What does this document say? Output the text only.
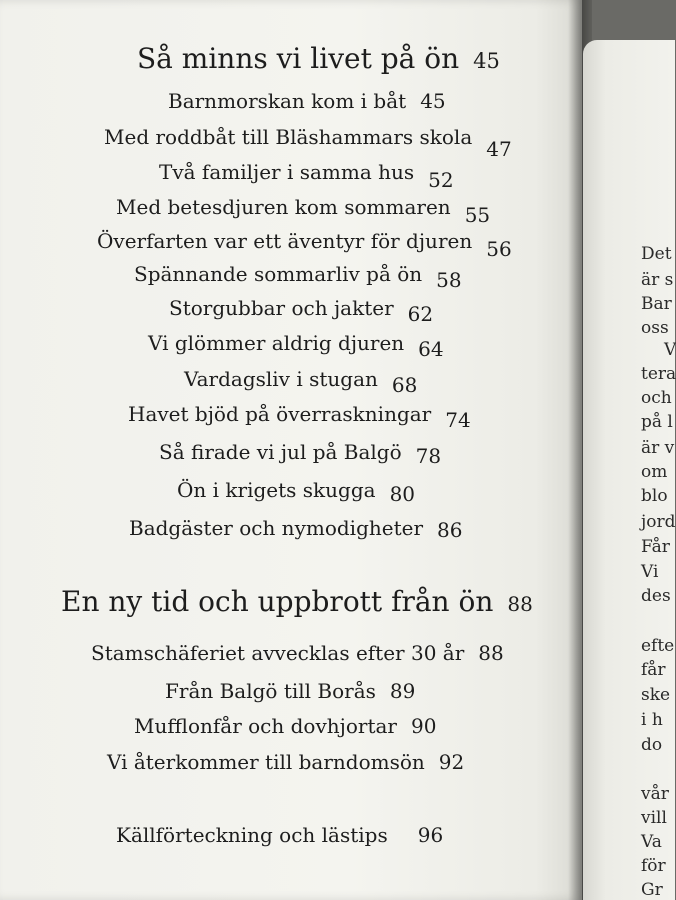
Så minns vi livet på ön 45
Barnmorskan kom i båt 45
Med roddbåt till Bläshammars skola 47
Två familjer i samma hus 52
Med betesdjuren kom sommaren 55
Överfarten var ett äventyr för djuren 56
Spännande sommarliv på ön 58
Storgubbar och jakter 62
Vi glömmer aldrig djuren 64
Vardagsliv i stugan 68
Havet bjöd på överraskningar 74
Så firade vi jul på Balgö 78
Ön i krigets skugga 80
Badgäster och nymodigheter 86
En ny tid och uppbrott från ön 88
Stamschäferiet avvecklas efter 30 år 88
Från Balgö till Borås 89
Mufflonfår och dovhjortar 90
Vi återkommer till barndomsön 92
Källförteckning och lästips 96
Det
är s
Bar
oss
V
tera
och
på l
är v
om
blo
jord
Får
Vi
des
efte
får
ske
i h
do
vår
vill
Va
för
Gr
